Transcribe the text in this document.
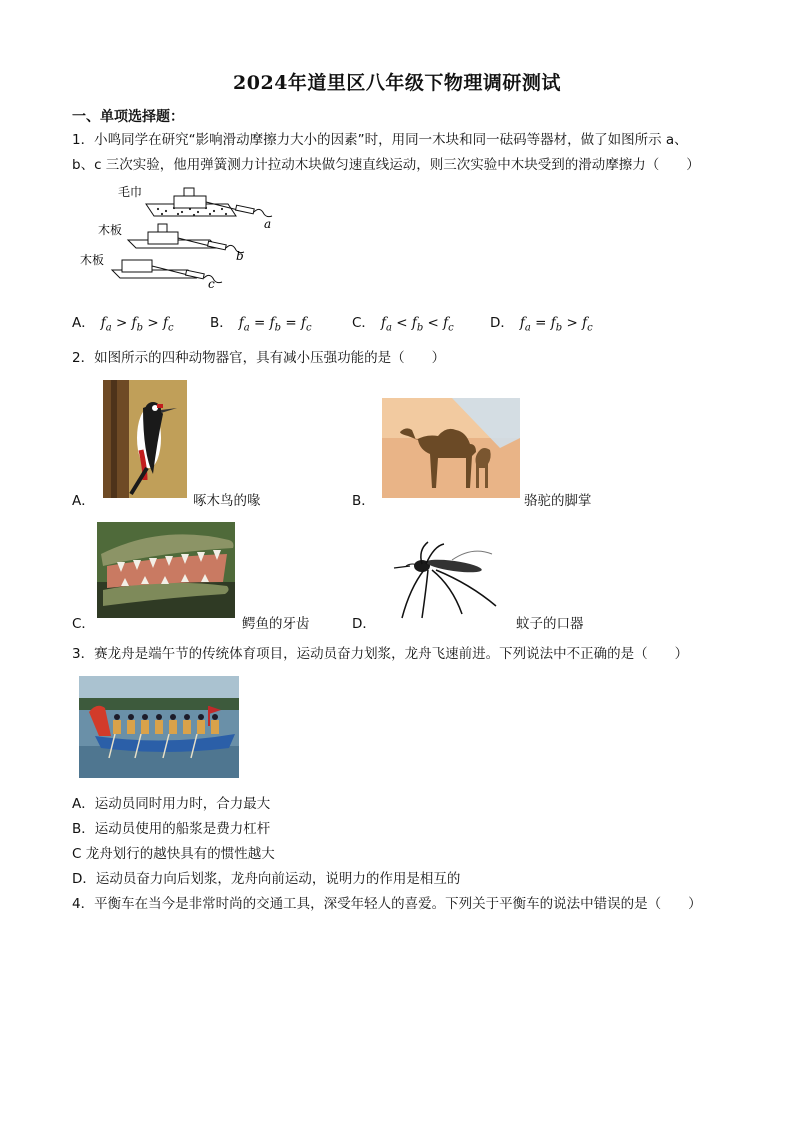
2024年道里区八年级下物理调研测试
一、单项选择题：
1．小鸣同学在研究“影响滑动摩擦力大小的因素”时，用同一木块和同一砝码等器材，做了如图所示 a、
b、c 三次实验，他用弹簧测力计拉动木块做匀速直线运动，则三次实验中木块受到的滑动摩擦力（　　）
毛巾
木板
木板
a
b
c
A． $f_a > f_b > f_c$	B． $f_a = f_b = f_c$	C． $f_a < f_b < f_c$	D． $f_a = f_b > f_c$
2．如图所示的四种动物器官，具有减小压强功能的是（　　）
A．	啄木鸟的喙	B．	骆驼的脚掌
C．	鳄鱼的牙齿	D．	蚊子的口器
3．赛龙舟是端午节的传统体育项目，运动员奋力划浆，龙舟飞速前进。下列说法中不正确的是（　　）
A．运动员同时用力时，合力最大
B．运动员使用的船浆是费力杠杆
C 龙舟划行的越快具有的惯性越大
D．运动员奋力向后划浆，龙舟向前运动，说明力的作用是相互的
4．平衡车在当今是非常时尚的交通工具，深受年轻人的喜爱。下列关于平衡车的说法中错误的是（　　）
